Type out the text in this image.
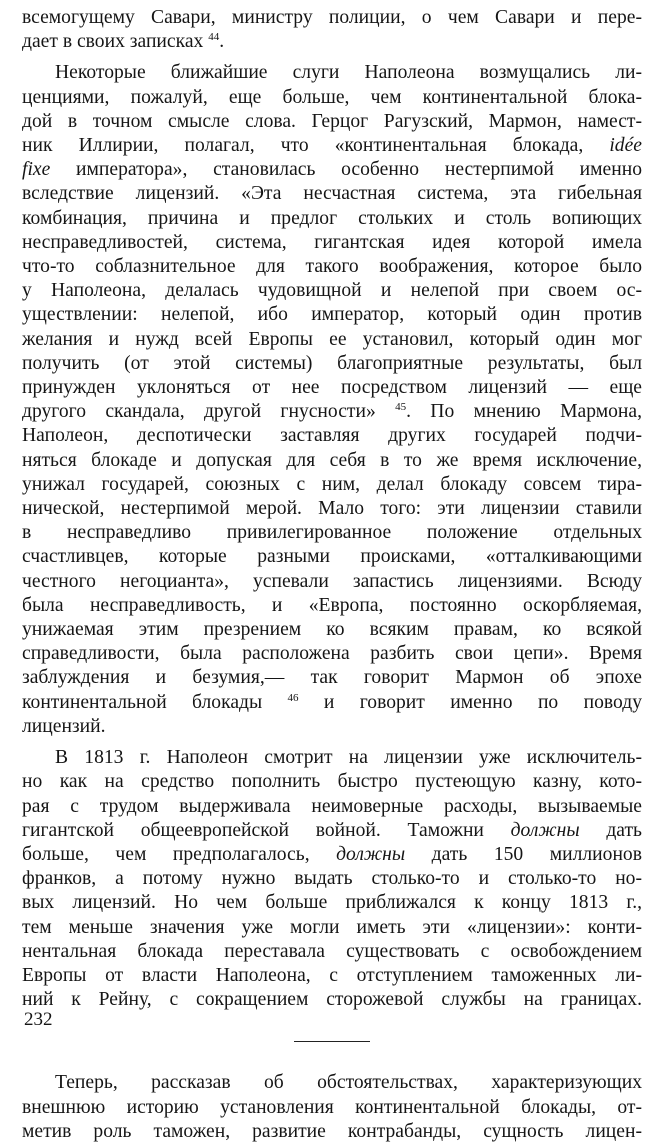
всемогущему Савари, министру полиции, о чем Савари и пере-
дает в своих записках $^{44}$.
Некоторые ближайшие слуги Наполеона возмущались ли-
ценциями, пожалуй, еще больше, чем континентальной блока-
дой в точном смысле слова. Герцог Рагузский, Мармон, намест-
ник Иллирии, полагал, что «континентальная блокада, idée
fixe императора», становилась особенно нестерпимой именно
вследствие лицензий. «Эта несчастная система, эта гибельная
комбинация, причина и предлог стольких и столь вопиющих
несправедливостей, система, гигантская идея которой имела
что-то соблазнительное для такого воображения, которое было
у Наполеона, делалась чудовищной и нелепой при своем ос-
уществлении: нелепой, ибо император, который один против
желания и нужд всей Европы ее установил, который один мог
получить (от этой системы) благоприятные результаты, был
принужден уклоняться от нее посредством лицензий — еще
другого скандала, другой гнусности» $^{45}$. По мнению Мармона,
Наполеон, деспотически заставляя других государей подчи-
няться блокаде и допуская для себя в то же время исключение,
унижал государей, союзных с ним, делал блокаду совсем тира-
нической, нестерпимой мерой. Мало того: эти лицензии ставили
в несправедливо привилегированное положение отдельных
счастливцев, которые разными происками, «отталкивающими
честного негоцианта», успевали запастись лицензиями. Всюду
была несправедливость, и «Европа, постоянно оскорбляемая,
унижаемая этим презрением ко всяким правам, ко всякой
справедливости, была расположена разбить свои цепи». Время
заблуждения и безумия,— так говорит Мармон об эпохе
континентальной блокады $^{46}$ и говорит именно по поводу
лицензий.
В 1813 г. Наполеон смотрит на лицензии уже исключитель-
но как на средство пополнить быстро пустеющую казну, кото-
рая с трудом выдерживала неимоверные расходы, вызываемые
гигантской общеевропейской войной. Таможни должны дать
больше, чем предполагалось, должны дать 150 миллионов
франков, а потому нужно выдать столько-то и столько-то но-
вых лицензий. Но чем больше приближался к концу 1813 г.,
тем меньше значения уже могли иметь эти «лицензии»: конти-
нентальная блокада переставала существовать с освобождением
Европы от власти Наполеона, с отступлением таможенных ли-
ний к Рейну, с сокращением сторожевой службы на границах.
Теперь, рассказав об обстоятельствах, характеризующих
внешнюю историю установления континентальной блокады, от-
метив роль таможен, развитие контрабанды, сущность лицен-
232
